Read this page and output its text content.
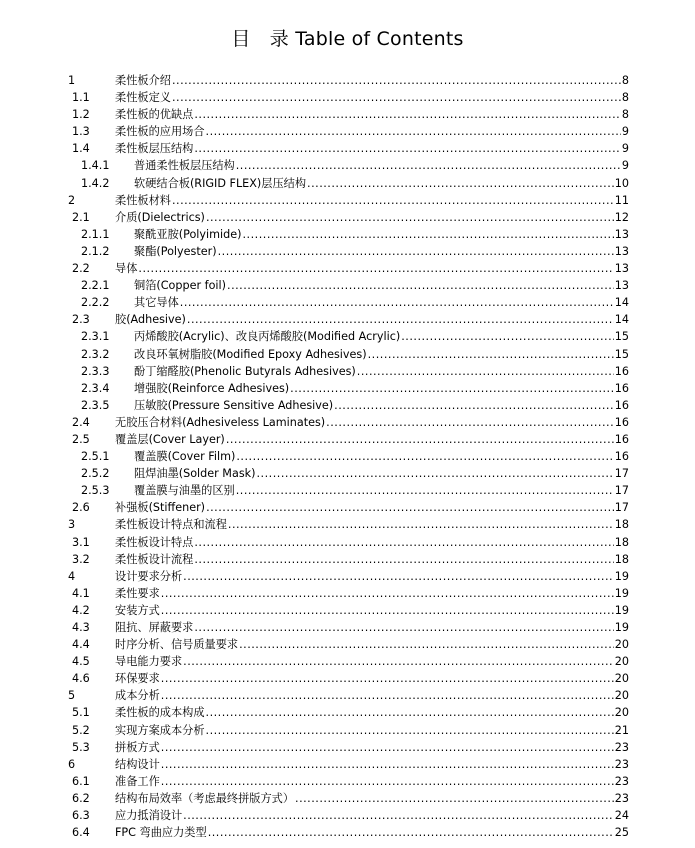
目　录 Table of Contents
1	柔性板介绍 .....	8
1.1 柔性板定义 .....	8
1.2 柔性板的优缺点 .....	8
1.3 柔性板的应用场合 .....	9
1.4 柔性板层压结构 .....	9
1.4.1 普通柔性板层压结构 .....	9
1.4.2 软硬结合板(RIGID FLEX)层压结构 .....	10
2	柔性板材料 .....	11
2.1 介质(Dielectrics) .....	12
2.1.1 聚酰亚胺(Polyimide) .....	13
2.1.2 聚酯(Polyester) .....	13
2.2 导体 .....	13
2.2.1 铜箔(Copper foil) .....	13
2.2.2 其它导体 .....	14
2.3 胶(Adhesive) .....	14
2.3.1 丙烯酸胶(Acrylic)、改良丙烯酸胶(Modified Acrylic) .....	15
2.3.2 改良环氧树脂胶(Modified Epoxy Adhesives) .....	15
2.3.3 酚丁缩醛胶(Phenolic Butyrals Adhesives) .....	16
2.3.4 增强胶(Reinforce Adhesives) .....	16
2.3.5 压敏胶(Pressure Sensitive Adhesive) .....	16
2.4 无胶压合材料(Adhesiveless Laminates) .....	16
2.5 覆盖层(Cover Layer) .....	16
2.5.1 覆盖膜(Cover Film) .....	16
2.5.2 阻焊油墨(Solder Mask) .....	17
2.5.3 覆盖膜与油墨的区别 .....	17
2.6 补强板(Stiffener) .....	17
3	柔性板设计特点和流程 .....	18
3.1 柔性板设计特点 .....	18
3.2 柔性板设计流程 .....	18
4	设计要求分析 .....	19
4.1 柔性要求 .....	19
4.2 安装方式 .....	19
4.3 阻抗、屏蔽要求 .....	19
4.4 时序分析、信号质量要求 .....	20
4.5 导电能力要求 .....	20
4.6 环保要求 .....	20
5	成本分析 .....	20
5.1 柔性板的成本构成 .....	20
5.2 实现方案成本分析 .....	21
5.3 拼板方式 .....	23
6	结构设计 .....	23
6.1 准备工作 .....	23
6.2 结构布局效率（考虑最终拼版方式） .....	23
6.3 应力抵消设计 .....	24
6.4 FPC 弯曲应力类型 .....	25
